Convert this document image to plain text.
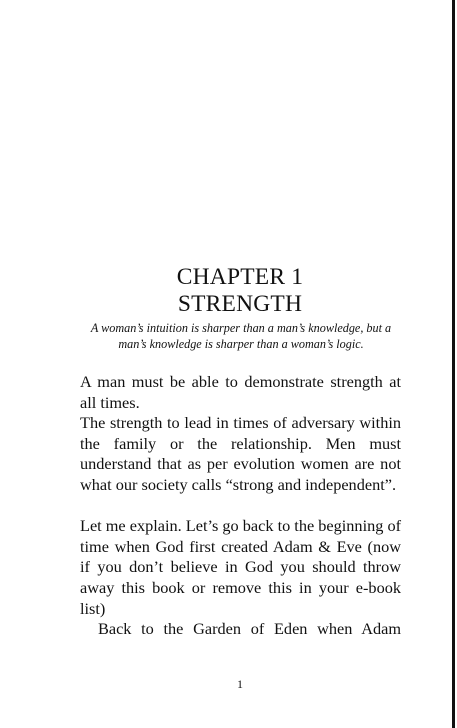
CHAPTER 1
STRENGTH
A woman’s intuition is sharper than a man’s knowledge, but a man’s knowledge is sharper than a woman’s logic.

A man must be able to demonstrate strength at all times.

The strength to lead in times of adversary within the family or the relationship. Men must understand that as per evolution women are not what our society calls “strong and independent”.

Let me explain. Let’s go back to the beginning of time when God first created Adam & Eve (now if you don’t believe in God you should throw away this book or remove this in your e-book list)

Back to the Garden of Eden when Adam

1
